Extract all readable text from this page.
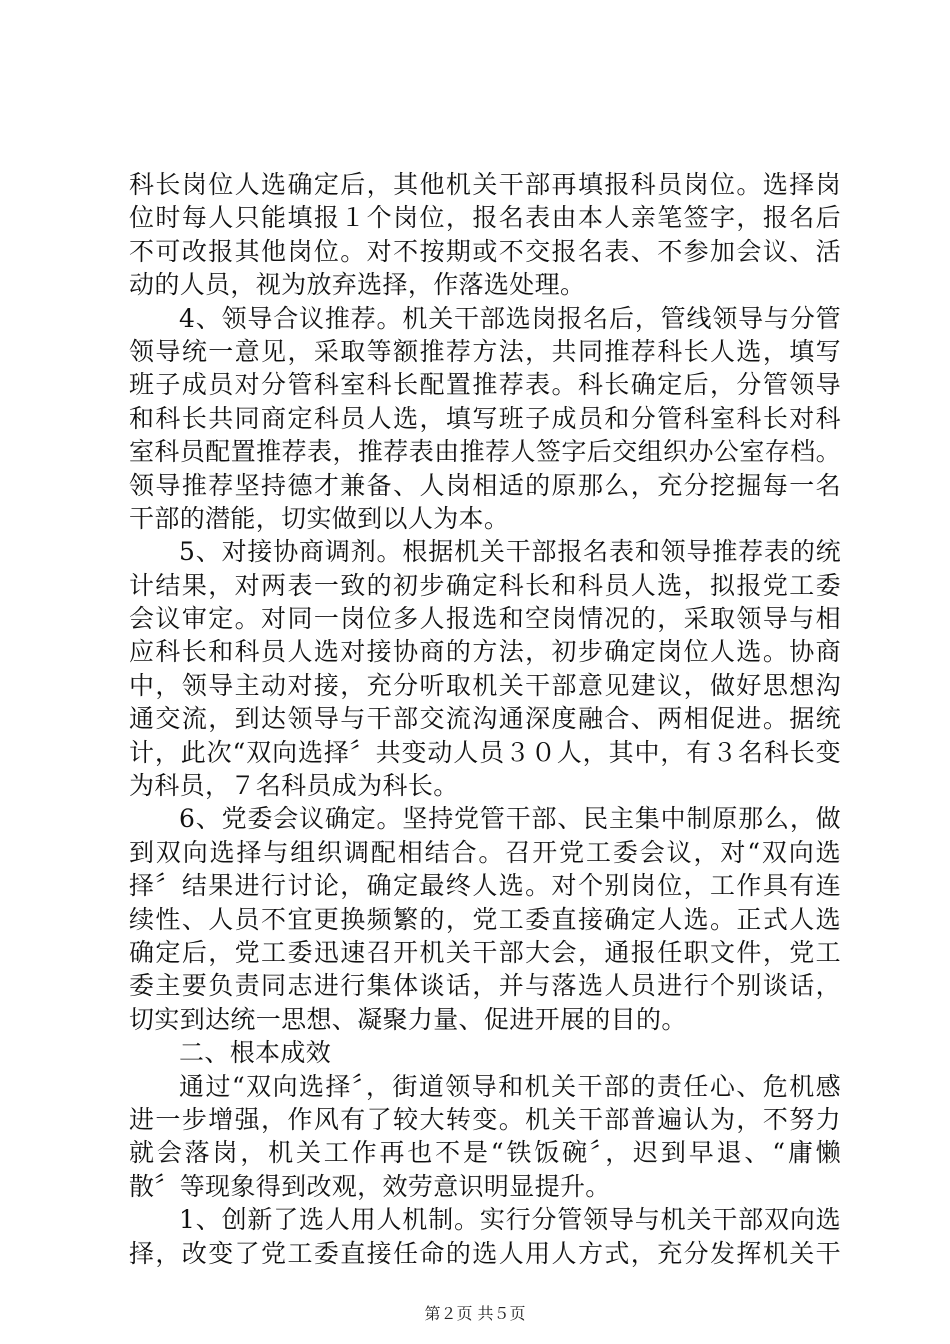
科长岗位人选确定后，其他机关干部再填报科员岗位。选择岗
位时每人只能填报１个岗位，报名表由本人亲笔签字，报名后
不可改报其他岗位。对不按期或不交报名表、不参加会议、活
动的人员，视为放弃选择，作落选处理。
4、领导合议推荐。机关干部选岗报名后，管线领导与分管
领导统一意见，采取等额推荐方法，共同推荐科长人选，填写
班子成员对分管科室科长配置推荐表。科长确定后，分管领导
和科长共同商定科员人选，填写班子成员和分管科室科长对科
室科员配置推荐表，推荐表由推荐人签字后交组织办公室存档。
领导推荐坚持德才兼备、人岗相适的原那么，充分挖掘每一名
干部的潜能，切实做到以人为本。
5、对接协商调剂。根据机关干部报名表和领导推荐表的统
计结果，对两表一致的初步确定科长和科员人选，拟报党工委
会议审定。对同一岗位多人报选和空岗情况的，采取领导与相
应科长和科员人选对接协商的方法，初步确定岗位人选。协商
中，领导主动对接，充分听取机关干部意见建议，做好思想沟
通交流，到达领导与干部交流沟通深度融合、两相促进。据统
计，此次“双向选择〞共变动人员３０人，其中，有３名科长变
为科员，７名科员成为科长。
6、党委会议确定。坚持党管干部、民主集中制原那么，做
到双向选择与组织调配相结合。召开党工委会议，对“双向选
择〞结果进行讨论，确定最终人选。对个别岗位，工作具有连
续性、人员不宜更换频繁的，党工委直接确定人选。正式人选
确定后，党工委迅速召开机关干部大会，通报任职文件，党工
委主要负责同志进行集体谈话，并与落选人员进行个别谈话，
切实到达统一思想、凝聚力量、促进开展的目的。
二、根本成效
通过“双向选择〞，街道领导和机关干部的责任心、危机感
进一步增强，作风有了较大转变。机关干部普遍认为，不努力
就会落岗，机关工作再也不是“铁饭碗〞，迟到早退、“庸懒
散〞等现象得到改观，效劳意识明显提升。
1、创新了选人用人机制。实行分管领导与机关干部双向选
择，改变了党工委直接任命的选人用人方式，充分发挥机关干
第２页 共５页
